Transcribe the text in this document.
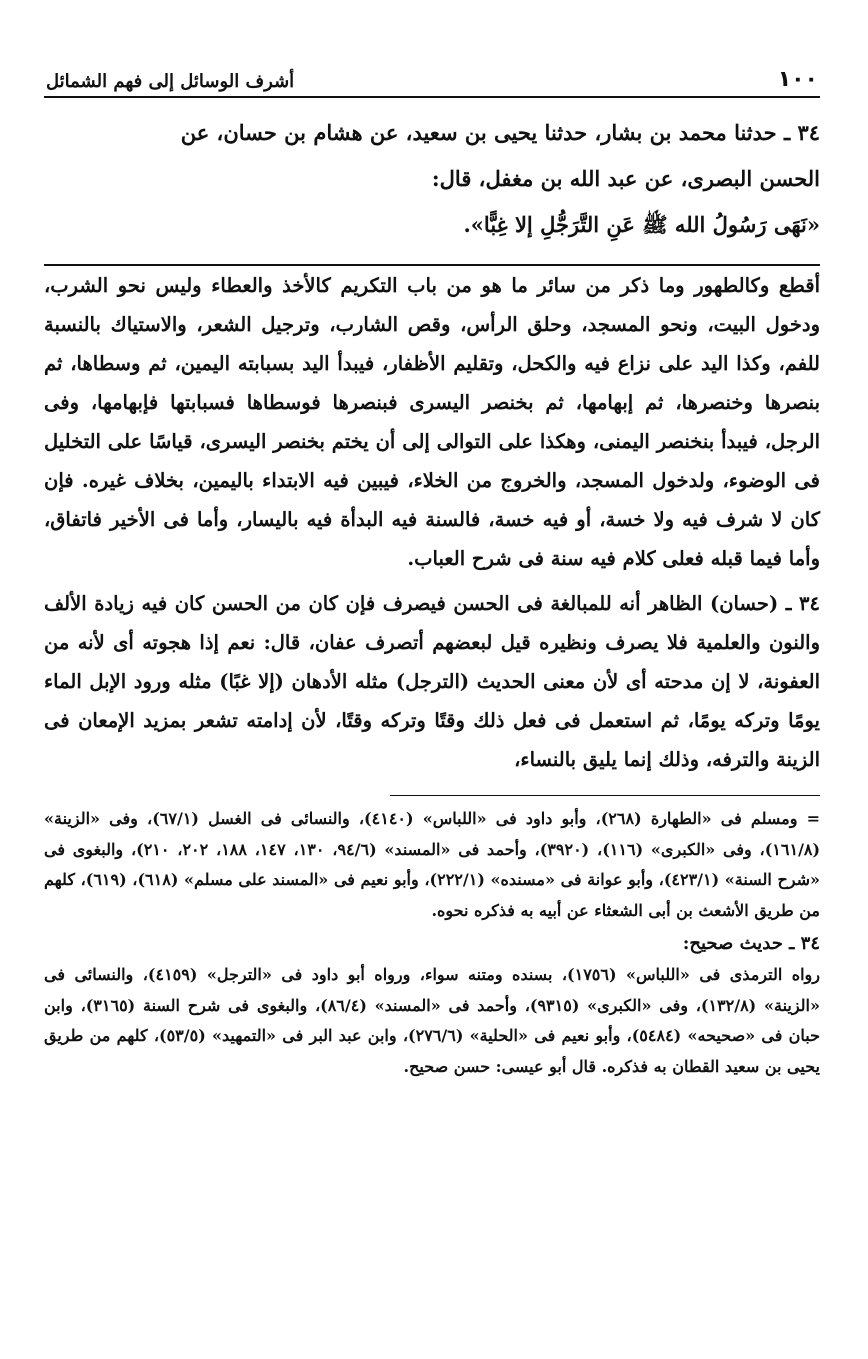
١٠٠
أشرف الوسائل إلى فهم الشمائل

٣٤ ـ حدثنا محمد بن بشار، حدثنا يحيى بن سعيد، عن هشام بن حسان، عن

الحسن البصرى، عن عبد الله بن مغفل، قال:

«نَهَى رَسُولُ الله ﷺ عَنِ التَّرَجُّلِ إلا غِبًّا».

أقطع وكالطهور وما ذكر من سائر ما هو من باب التكريم كالأخذ والعطاء وليس نحو الشرب، ودخول البيت، ونحو المسجد، وحلق الرأس، وقص الشارب، وترجيل الشعر، والاستياك بالنسبة للفم، وكذا اليد على نزاع فيه والكحل، وتقليم الأظفار، فيبدأ اليد بسبابته اليمين، ثم وسطاها، ثم بنصرها وخنصرها، ثم إبهامها، ثم بخنصر اليسرى فبنصرها فوسطاها فسبابتها فإبهامها، وفى الرجل، فيبدأ بنخنصر اليمنى، وهكذا على التوالى إلى أن يختم بخنصر اليسرى، قياسًا على التخليل فى الوضوء، ولدخول المسجد، والخروج من الخلاء، فيبين فيه الابتداء باليمين، بخلاف غيره. فإن كان لا شرف فيه ولا خسة، أو فيه خسة، فالسنة فيه البدأة فيه باليسار، وأما فى الأخير فاتفاق، وأما فيما قبله فعلى كلام فيه سنة فى شرح العباب.

٣٤ ـ (حسان) الظاهر أنه للمبالغة فى الحسن فيصرف فإن كان من الحسن كان فيه زيادة الألف والنون والعلمية فلا يصرف ونظيره قيل لبعضهم أتصرف عفان، قال: نعم إذا هجوته أى لأنه من العفونة، لا إن مدحته أى لأن معنى الحديث (الترجل) مثله الأدهان (إلا غبًا) مثله ورود الإبل الماء يومًا وتركه يومًا، ثم استعمل فى فعل ذلك وقتًا وتركه وقتًا، لأن إدامته تشعر بمزيد الإمعان فى الزينة والترفه، وذلك إنما يليق بالنساء،

= ومسلم فى «الطهارة (٢٦٨)، وأبو داود فى «اللباس» (٤١٤٠)، والنسائى فى الغسل (٦٧/١)، وفى «الزينة» (١٦١/٨)، وفى «الكبرى» (١١٦)، (٣٩٢٠)، وأحمد فى «المسند» (٩٤/٦، ١٣٠، ١٤٧، ١٨٨، ٢٠٢، ٢١٠)، والبغوى فى «شرح السنة» (٤٢٣/١)، وأبو عوانة فى «مسنده» (٢٢٢/١)، وأبو نعيم فى «المسند على مسلم» (٦١٨)، (٦١٩)، كلهم من طريق الأشعث بن أبى الشعثاء عن أبيه به فذكره نحوه.

٣٤ ـ حديث صحيح:

رواه الترمذى فى «اللباس» (١٧٥٦)، بسنده ومتنه سواء، ورواه أبو داود فى «الترجل» (٤١٥٩)، والنسائى فى «الزينة» (١٣٢/٨)، وفى «الكبرى» (٩٣١٥)، وأحمد فى «المسند» (٨٦/٤)، والبغوى فى شرح السنة (٣١٦٥)، وابن حبان فى «صحيحه» (٥٤٨٤)، وأبو نعيم فى «الحلية» (٢٧٦/٦)، وابن عبد البر فى «التمهيد» (٥٣/٥)، كلهم من طريق يحيى بن سعيد القطان به فذكره. قال أبو عيسى: حسن صحيح.
